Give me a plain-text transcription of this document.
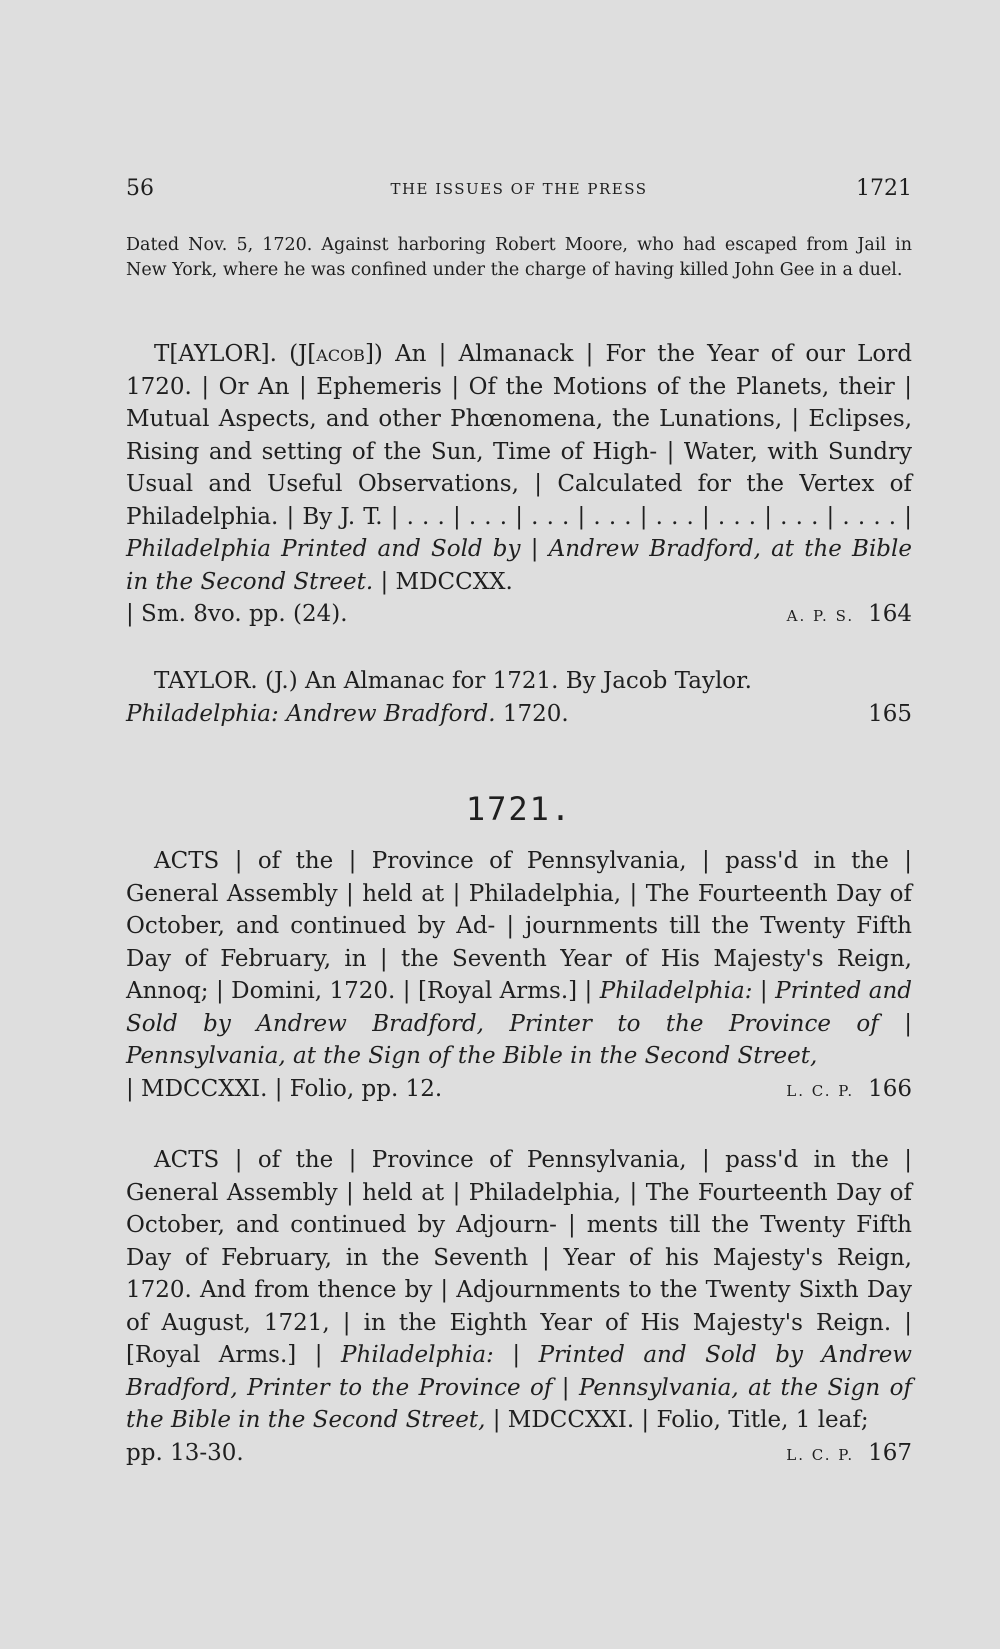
56	THE ISSUES OF THE PRESS	1721
Dated Nov. 5, 1720. Against harboring Robert Moore, who had escaped from Jail in New York, where he was confined under the charge of having killed John Gee in a duel.

T[AYLOR]. (J[acob]) An | Almanack | For the Year of our Lord 1720. | Or An | Ephemeris | Of the Motions of the Planets, their | Mutual Aspects, and other Phœnomena, the Lunations, | Eclipses, Rising and setting of the Sun, Time of High- | Water, with Sundry Usual and Useful Observations, | Calculated for the Vertex of Philadelphia. | By J. T. | . . . | . . . | . . . | . . . | . . . | . . . | . . . | . . . . | Philadelphia Printed and Sold by | Andrew Bradford, at the Bible in the Second Street. | MDCCXX.

| Sm. 8vo. pp. (24).	A. P. S. 164

TAYLOR. (J.) An Almanac for 1721. By Jacob Taylor.

Philadelphia: Andrew Bradford. 1720.	165
1721.

ACTS | of the | Province of Pennsylvania, | pass'd in the | General Assembly | held at | Philadelphia, | The Fourteenth Day of October, and continued by Ad- | journments till the Twenty Fifth Day of February, in | the Seventh Year of His Majesty's Reign, Annoq; | Domini, 1720. | [Royal Arms.] | Philadelphia: | Printed and Sold by Andrew Bradford, Printer to the Province of | Pennsylvania, at the Sign of the Bible in the Second Street,

| MDCCXXI. | Folio, pp. 12.	L. C. P. 166

ACTS | of the | Province of Pennsylvania, | pass'd in the | General Assembly | held at | Philadelphia, | The Fourteenth Day of October, and continued by Adjourn- | ments till the Twenty Fifth Day of February, in the Seventh | Year of his Majesty's Reign, 1720. And from thence by | Adjournments to the Twenty Sixth Day of August, 1721, | in the Eighth Year of His Majesty's Reign. | [Royal Arms.] | Philadelphia: | Printed and Sold by Andrew Bradford, Printer to the Province of | Pennsylvania, at the Sign of the Bible in the Second Street, | MDCCXXI. | Folio, Title, 1 leaf;

pp. 13-30.	L. C. P. 167
